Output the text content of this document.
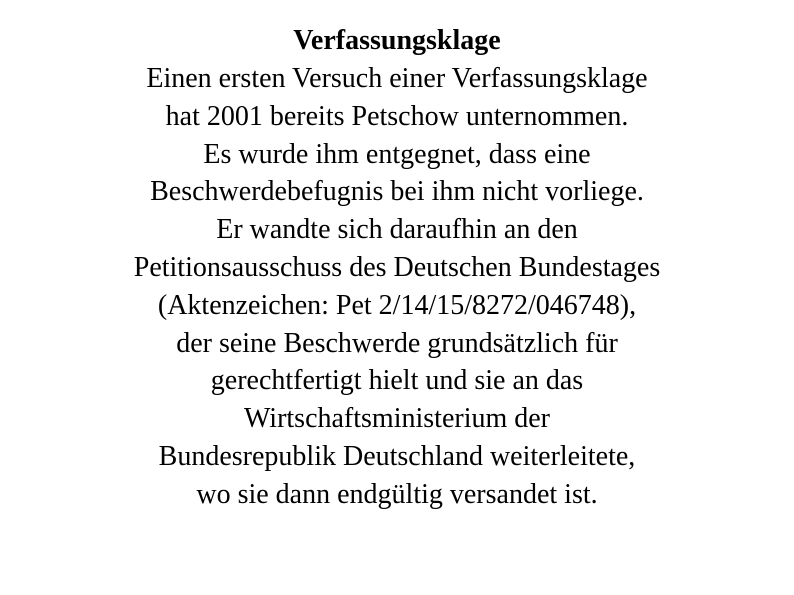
Verfassungsklage
Einen ersten Versuch einer Verfassungsklage
hat 2001 bereits Petschow unternommen.
Es wurde ihm entgegnet, dass eine
Beschwerdebefugnis bei ihm nicht vorliege.
Er wandte sich daraufhin an den
Petitionsausschuss des Deutschen Bundestages
(Aktenzeichen: Pet 2/14/15/8272/046748),
der seine Beschwerde grundsätzlich für
gerechtfertigt hielt und sie an das
Wirtschaftsministerium der
Bundesrepublik Deutschland weiterleitete,
wo sie dann endgültig versandet ist.
